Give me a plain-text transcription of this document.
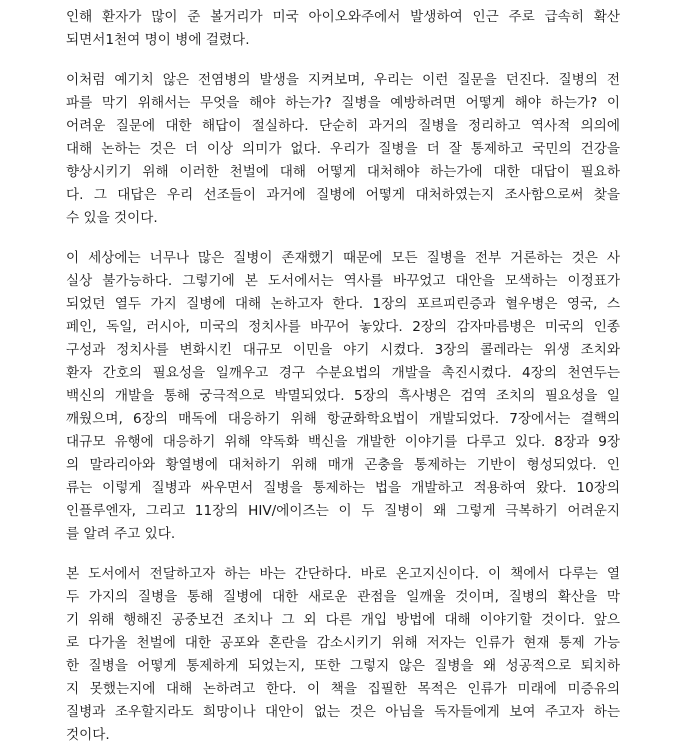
인해 환자가 많이 준 볼거리가 미국 아이오와주에서 발생하여 인근 주로 급속히 확산
되면서1천여 명이 병에 걸렸다.
이처럼 예기치 않은 전염병의 발생을 지켜보며, 우리는 이런 질문을 던진다. 질병의 전
파를 막기 위해서는 무엇을 해야 하는가? 질병을 예방하려면 어떻게 해야 하는가? 이
어려운 질문에 대한 해답이 절실하다. 단순히 과거의 질병을 정리하고 역사적 의의에
대해 논하는 것은 더 이상 의미가 없다. 우리가 질병을 더 잘 통제하고 국민의 건강을
향상시키기 위해 이러한 천벌에 대해 어떻게 대처해야 하는가에 대한 대답이 필요하
다. 그 대답은 우리 선조들이 과거에 질병에 어떻게 대처하였는지 조사함으로써 찾을
수 있을 것이다.
이 세상에는 너무나 많은 질병이 존재했기 때문에 모든 질병을 전부 거론하는 것은 사
실상 불가능하다. 그렇기에 본 도서에서는 역사를 바꾸었고 대안을 모색하는 이정표가
되었던 열두 가지 질병에 대해 논하고자 한다. 1장의 포르피린증과 혈우병은 영국, 스
페인, 독일, 러시아, 미국의 정치사를 바꾸어 놓았다. 2장의 감자마름병은 미국의 인종
구성과 정치사를 변화시킨 대규모 이민을 야기 시켰다. 3장의 콜레라는 위생 조치와
환자 간호의 필요성을 일깨우고 경구 수분요법의 개발을 촉진시켰다. 4장의 천연두는
백신의 개발을 통해 궁극적으로 박멸되었다. 5장의 흑사병은 검역 조치의 필요성을 일
깨웠으며, 6장의 매독에 대응하기 위해 항균화학요법이 개발되었다. 7장에서는 결핵의
대규모 유행에 대응하기 위해 약독화 백신을 개발한 이야기를 다루고 있다. 8장과 9장
의 말라리아와 황열병에 대처하기 위해 매개 곤충을 통제하는 기반이 형성되었다. 인
류는 이렇게 질병과 싸우면서 질병을 통제하는 법을 개발하고 적용하여 왔다. 10장의
인플루엔자, 그리고 11장의 HIV/에이즈는 이 두 질병이 왜 그렇게 극복하기 어려운지
를 알려 주고 있다.
본 도서에서 전달하고자 하는 바는 간단하다. 바로 온고지신이다. 이 책에서 다루는 열
두 가지의 질병을 통해 질병에 대한 새로운 관점을 일깨울 것이며, 질병의 확산을 막
기 위해 행해진 공중보건 조치나 그 외 다른 개입 방법에 대해 이야기할 것이다. 앞으
로 다가올 천벌에 대한 공포와 혼란을 감소시키기 위해 저자는 인류가 현재 통제 가능
한 질병을 어떻게 통제하게 되었는지, 또한 그렇지 않은 질병을 왜 성공적으로 퇴치하
지 못했는지에 대해 논하려고 한다. 이 책을 집필한 목적은 인류가 미래에 미증유의
질병과 조우할지라도 희망이나 대안이 없는 것은 아님을 독자들에게 보여 주고자 하는
것이다.
